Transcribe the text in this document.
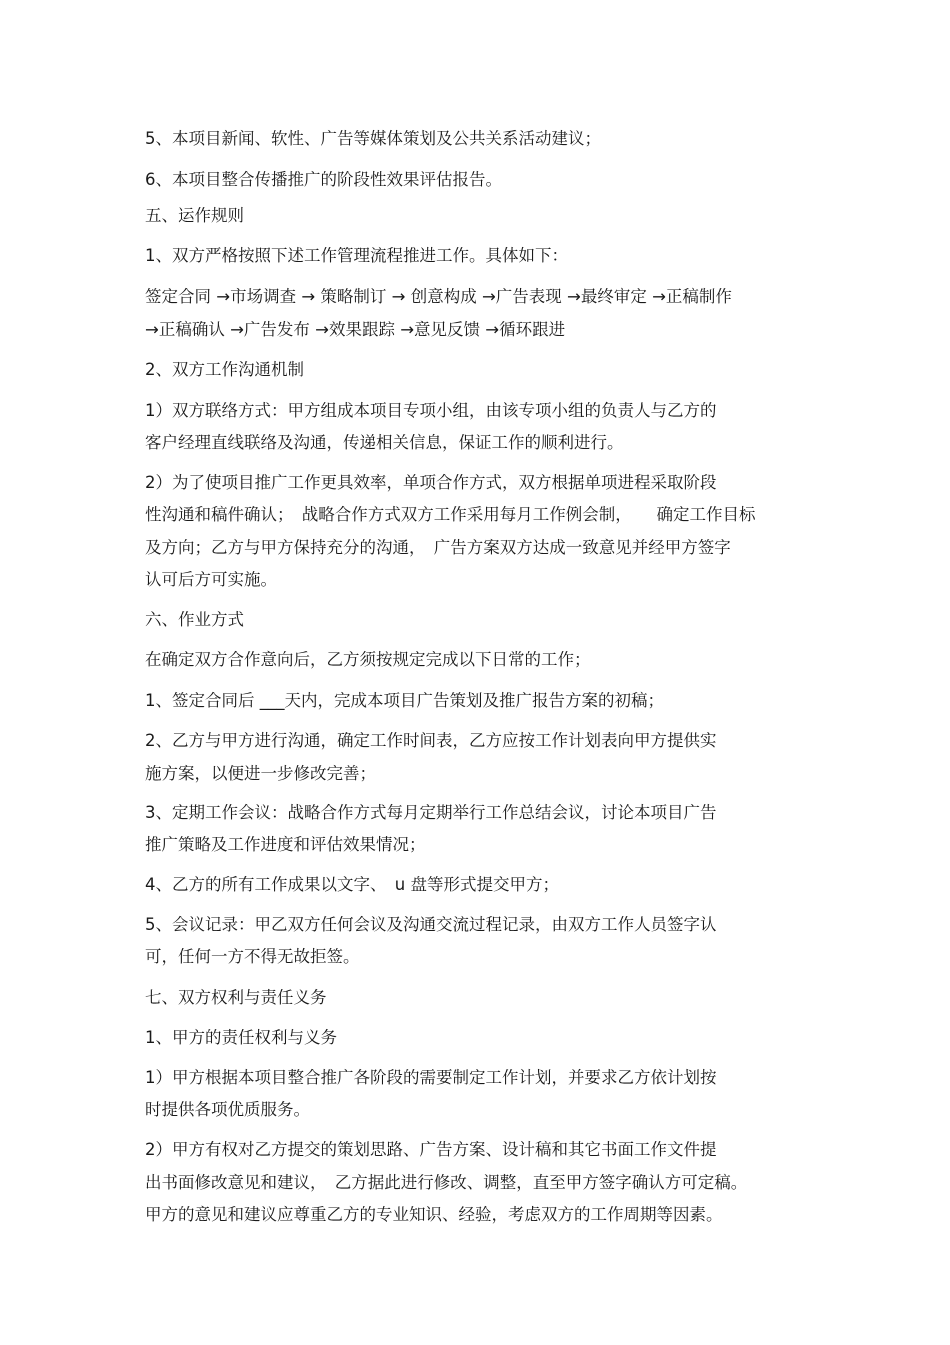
5、本项目新闻、软性、广告等媒体策划及公共关系活动建议；
6、本项目整合传播推广的阶段性效果评估报告。
五、运作规则
1、双方严格按照下述工作管理流程推进工作。具体如下：
签定合同 →市场调查 → 策略制订 → 创意构成 →广告表现 →最终审定 →正稿制作
→正稿确认 →广告发布 →效果跟踪 →意见反馈 →循环跟进
2、双方工作沟通机制
1）双方联络方式：甲方组成本项目专项小组，由该专项小组的负责人与乙方的
客户经理直线联络及沟通，传递相关信息，保证工作的顺利进行。
2）为了使项目推广工作更具效率，单项合作方式，双方根据单项进程采取阶段
性沟通和稿件确认；　战略合作方式双方工作采用每月工作例会制，　　确定工作目标
及方向；乙方与甲方保持充分的沟通，　广告方案双方达成一致意见并经甲方签字
认可后方可实施。
六、作业方式
在确定双方合作意向后，乙方须按规定完成以下日常的工作；
1、签定合同后 ___天内，完成本项目广告策划及推广报告方案的初稿；
2、乙方与甲方进行沟通，确定工作时间表，乙方应按工作计划表向甲方提供实
施方案，以便进一步修改完善；
3、定期工作会议：战略合作方式每月定期举行工作总结会议，讨论本项目广告
推广策略及工作进度和评估效果情况；
4、乙方的所有工作成果以文字、　u 盘等形式提交甲方；
5、会议记录：甲乙双方任何会议及沟通交流过程记录，由双方工作人员签字认
可，任何一方不得无故拒签。
七、双方权利与责任义务
1、甲方的责任权利与义务
1）甲方根据本项目整合推广各阶段的需要制定工作计划，并要求乙方依计划按
时提供各项优质服务。
2）甲方有权对乙方提交的策划思路、广告方案、设计稿和其它书面工作文件提
出书面修改意见和建议，　乙方据此进行修改、调整，直至甲方签字确认方可定稿。
甲方的意见和建议应尊重乙方的专业知识、经验，考虑双方的工作周期等因素。
